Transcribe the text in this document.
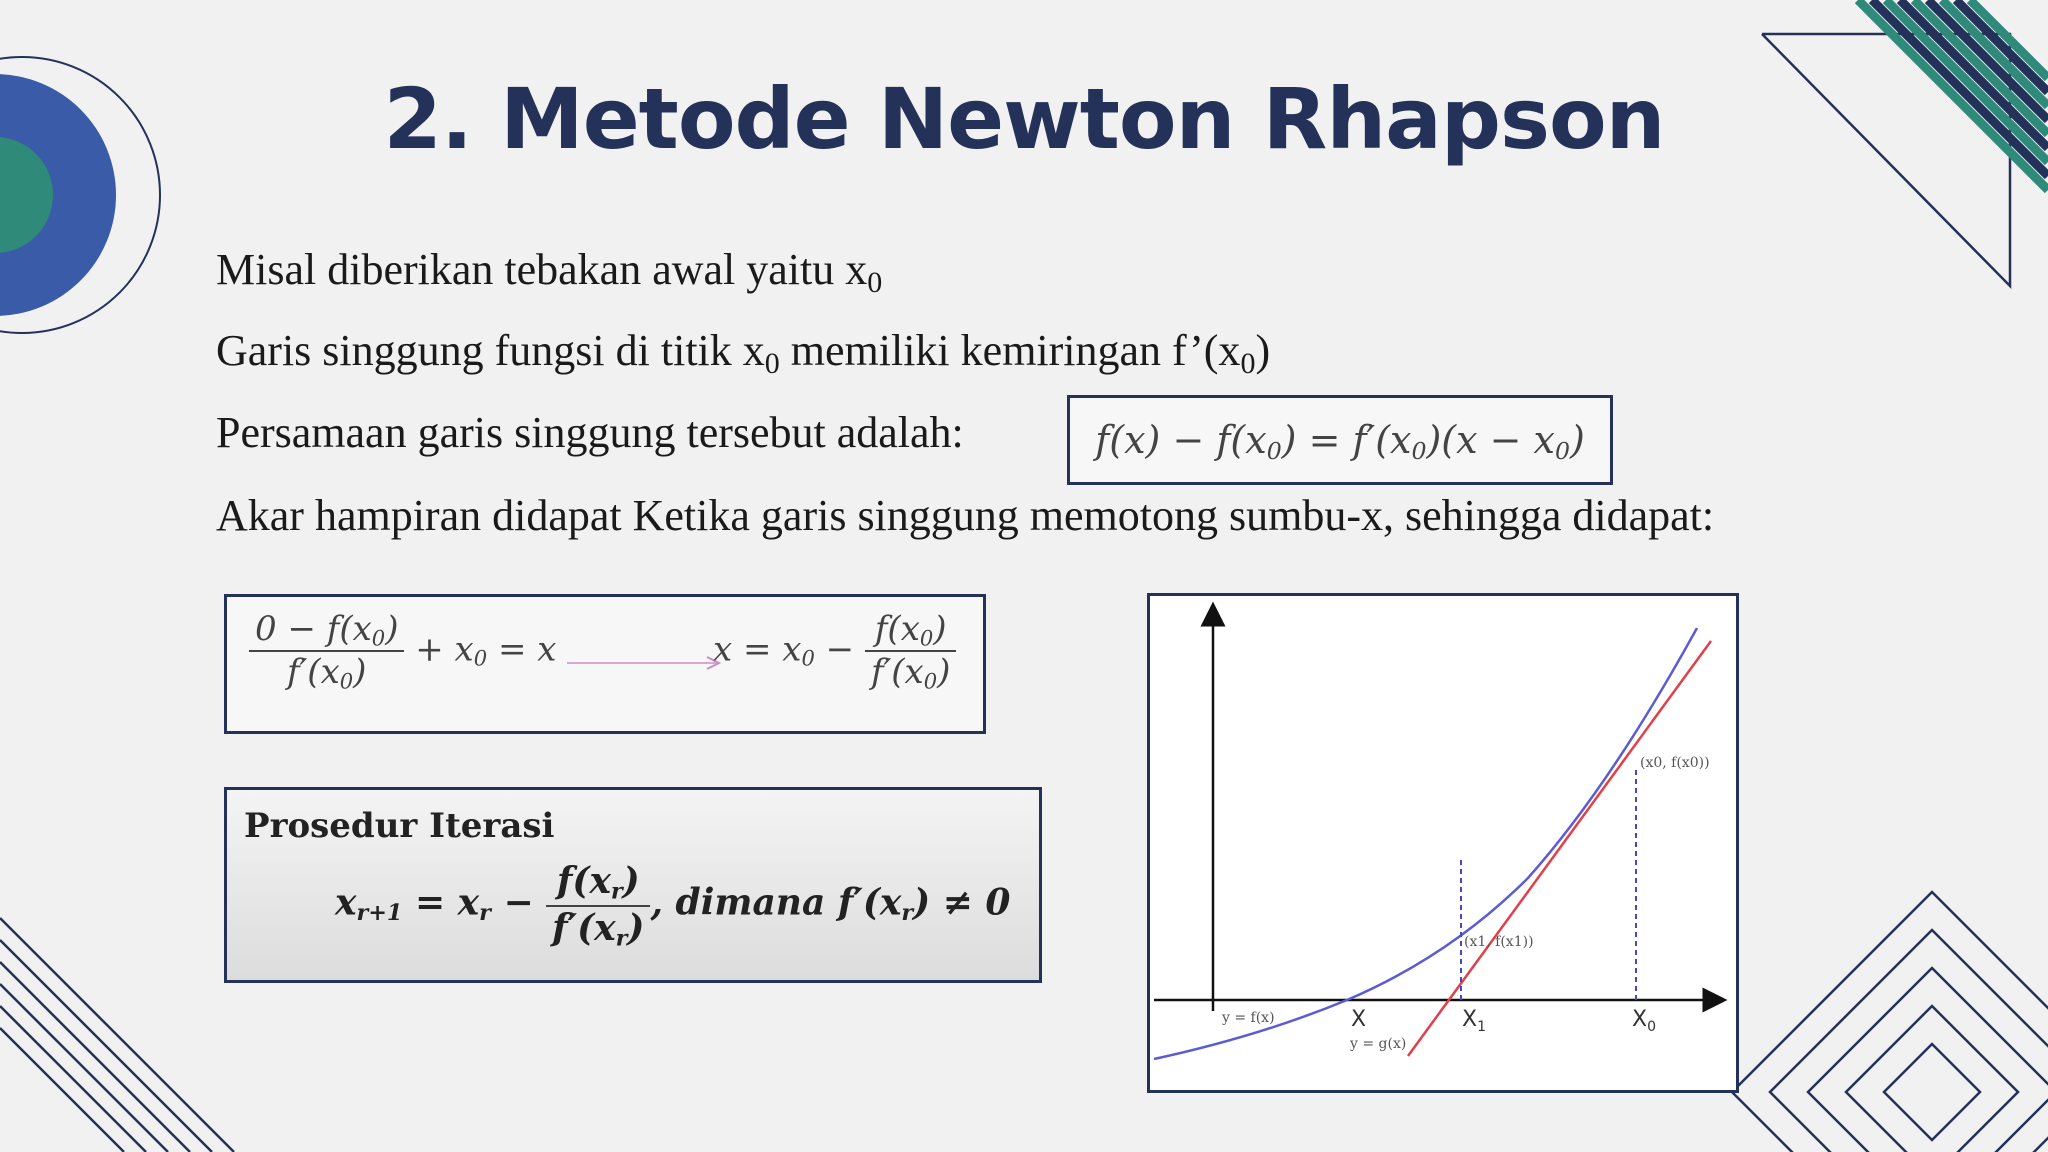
2. Metode Newton Rhapson
Misal diberikan tebakan awal yaitu $x_0$
Garis singgung fungsi di titik $x_0$ memiliki kemiringan $f’(x_0)$
Persamaan garis singgung tersebut adalah:
Akar hampiran didapat Ketika garis singgung memotong sumbu-x, sehingga didapat:
$f(x) - f(x_0) = f'(x_0)(x - x_0)$
$\frac{0 - f(x_0)}{f'(x_0)} + x_0 = x$	$x = x_0 - \frac{f(x_0)}{f'(x_0)}$
Prosedur Iterasi
$x_{r+1} = x_r - \frac{f(x_r)}{f'(x_r)}$ , dimana $f'(x_r) \ne 0$
(x0, f(x0))
(x1, f(x1))
y = f(x)
y = g(x)
X	$X_1$	$X_0$
